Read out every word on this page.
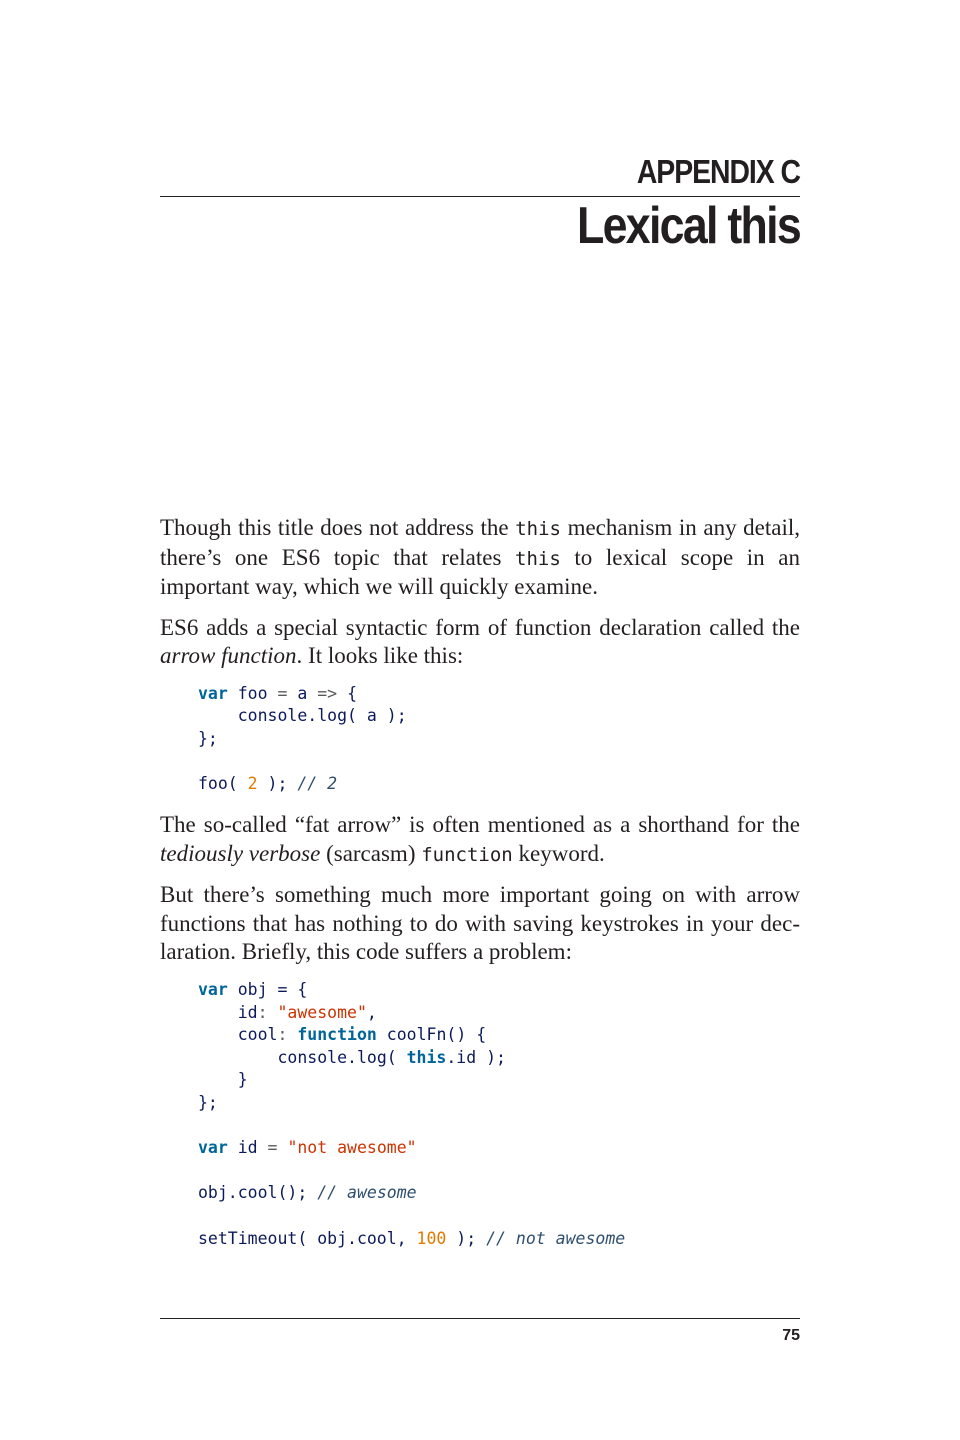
APPENDIX C
Lexical this

Though this title does not address the this mechanism in any detail, there’s one ES6 topic that relates this to lexical scope in an important way, which we will quickly examine.

ES6 adds a special syntactic form of function declaration called the arrow function. It looks like this:

var foo = a => {
console.log( a );
};

foo( 2 ); // 2

The so-called “fat arrow” is often mentioned as a shorthand for the tediously verbose (sarcasm) function keyword.

But there’s something much more important going on with arrow functions that has nothing to do with saving keystrokes in your dec‐ laration. Briefly, this code suffers a problem:

var obj = {
id: "awesome",
cool: function coolFn() {
console.log( this.id );
}
};

var id = "not awesome"

obj.cool(); // awesome

setTimeout( obj.cool, 100 ); // not awesome
75
